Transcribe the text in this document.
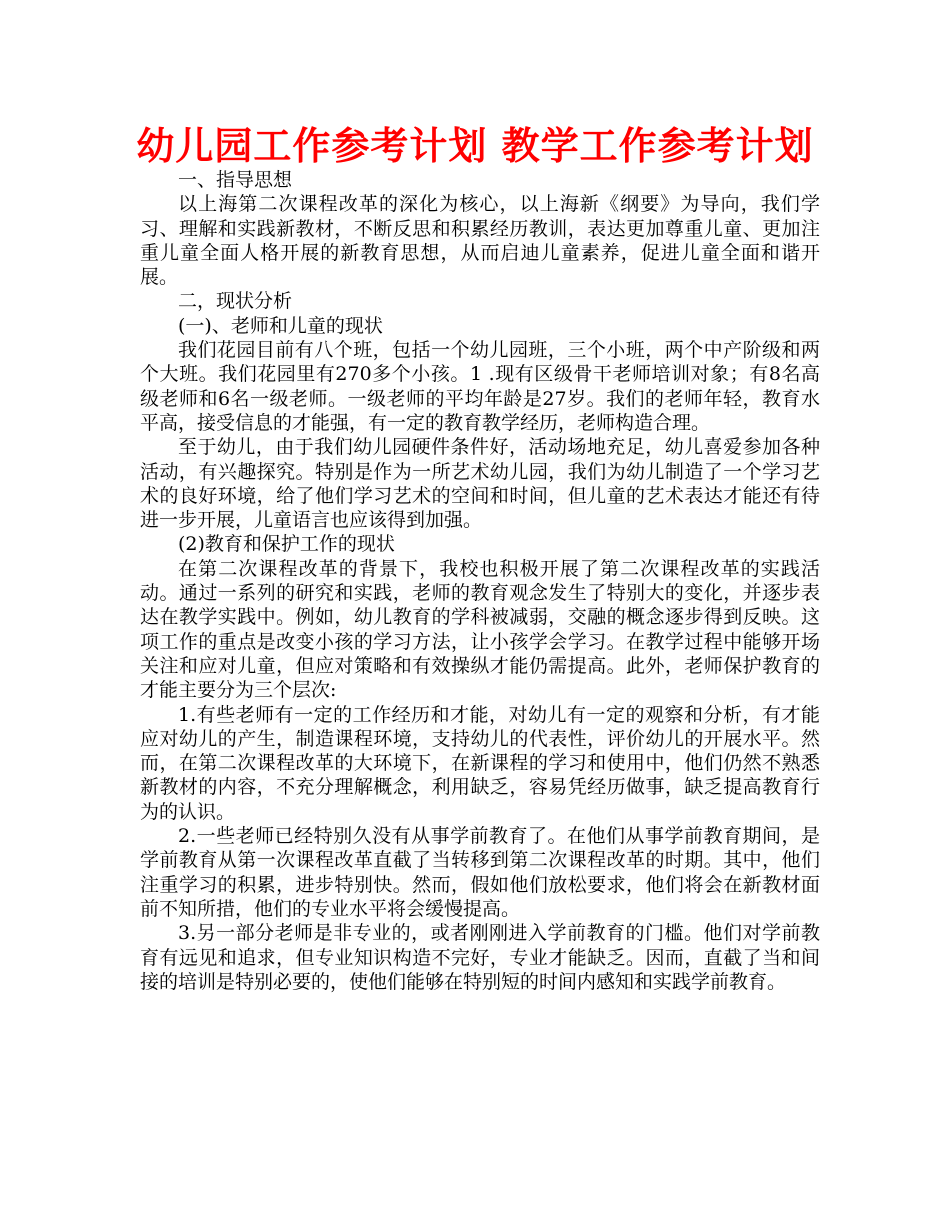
幼儿园工作参考计划 教学工作参考计划

一、指导思想

以上海第二次课程改革的深化为核心，以上海新《纲要》为导向，我们学习、理解和实践新教材，不断反思和积累经历教训，表达更加尊重儿童、更加注重儿童全面人格开展的新教育思想，从而启迪儿童素养，促进儿童全面和谐开展。

二，现状分析

(一)、老师和儿童的现状

我们花园目前有八个班，包括一个幼儿园班，三个小班，两个中产阶级和两个大班。我们花园里有270多个小孩。1 .现有区级骨干老师培训对象；有8名高级老师和6名一级老师。一级老师的平均年龄是27岁。我们的老师年轻，教育水平高，接受信息的才能强，有一定的教育教学经历，老师构造合理。

至于幼儿，由于我们幼儿园硬件条件好，活动场地充足，幼儿喜爱参加各种活动，有兴趣探究。特别是作为一所艺术幼儿园，我们为幼儿制造了一个学习艺术的良好环境，给了他们学习艺术的空间和时间，但儿童的艺术表达才能还有待进一步开展，儿童语言也应该得到加强。

(2)教育和保护工作的现状

在第二次课程改革的背景下，我校也积极开展了第二次课程改革的实践活动。通过一系列的研究和实践，老师的教育观念发生了特别大的变化，并逐步表达在教学实践中。例如，幼儿教育的学科被减弱，交融的概念逐步得到反映。这项工作的重点是改变小孩的学习方法，让小孩学会学习。在教学过程中能够开场关注和应对儿童，但应对策略和有效操纵才能仍需提高。此外，老师保护教育的才能主要分为三个层次:

1.有些老师有一定的工作经历和才能，对幼儿有一定的观察和分析，有才能应对幼儿的产生，制造课程环境，支持幼儿的代表性，评价幼儿的开展水平。然而，在第二次课程改革的大环境下，在新课程的学习和使用中，他们仍然不熟悉新教材的内容，不充分理解概念，利用缺乏，容易凭经历做事，缺乏提高教育行为的认识。

2.一些老师已经特别久没有从事学前教育了。在他们从事学前教育期间，是学前教育从第一次课程改革直截了当转移到第二次课程改革的时期。其中，他们注重学习的积累，进步特别快。然而，假如他们放松要求，他们将会在新教材面前不知所措，他们的专业水平将会缓慢提高。

3.另一部分老师是非专业的，或者刚刚进入学前教育的门槛。他们对学前教育有远见和追求，但专业知识构造不完好，专业才能缺乏。因而，直截了当和间接的培训是特别必要的，使他们能够在特别短的时间内感知和实践学前教育。
